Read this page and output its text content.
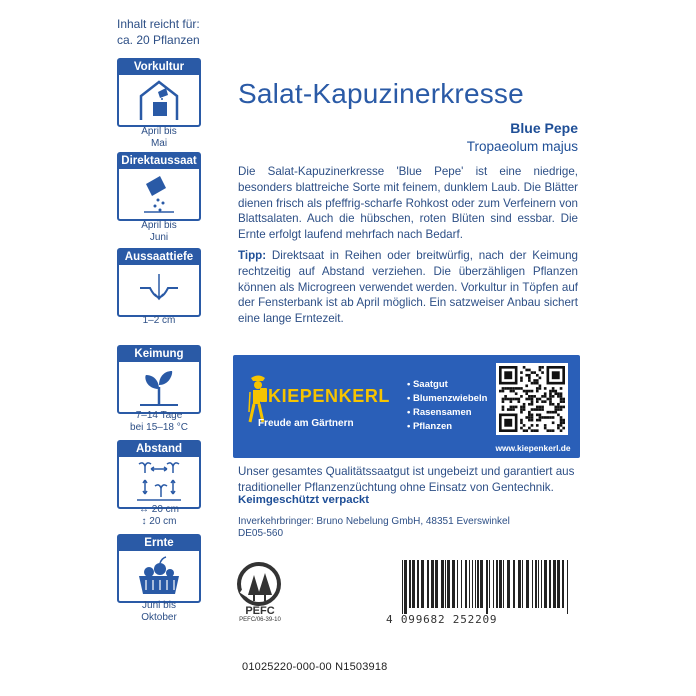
Inhalt reicht für:
ca. 20 Pflanzen
Vorkultur
April bis
Mai
Direktaussaat
April bis
Juni
Aussaattiefe
1–2 cm
Keimung
7–14 Tage
bei 15–18 °C
Abstand
↔ 20 cm
↕ 20 cm
Ernte
Juni bis
Oktober
Salat-Kapuzinerkresse
Blue Pepe
Tropaeolum majus
Die Salat-Kapuzinerkresse 'Blue Pepe' ist eine niedrige, besonders blattreiche Sorte mit feinem, dunklem Laub. Die Blätter dienen frisch als pfeffrig-scharfe Rohkost oder zum Verfeinern von Blattsalaten. Auch die hübschen, roten Blüten sind essbar. Die Ernte erfolgt laufend mehrfach nach Bedarf.
Tipp: Direktsaat in Reihen oder breitwürfig, nach der Keimung rechtzeitig auf Abstand verziehen. Die überzähligen Pflanzen können als Microgreen verwendet werden. Vorkultur in Töpfen auf der Fensterbank ist ab April möglich. Ein satzweiser Anbau sichert eine lange Erntezeit.
KIEPENKERL
Freude am Gärtnern
• Saatgut
• Blumenzwiebeln
• Rasensamen
• Pflanzen
www.kiepenkerl.de
Unser gesamtes Qualitätssaatgut ist ungebeizt und garantiert aus traditioneller Pflanzenzüchtung ohne Einsatz von Gentechnik.
Keimgeschützt verpackt
Inverkehrbringer: Bruno Nebelung GmbH, 48351 Everswinkel
DE05-560
PEFC
PEFC/06-39-10	4 099682 252209
01025220-000-00 N1503918
